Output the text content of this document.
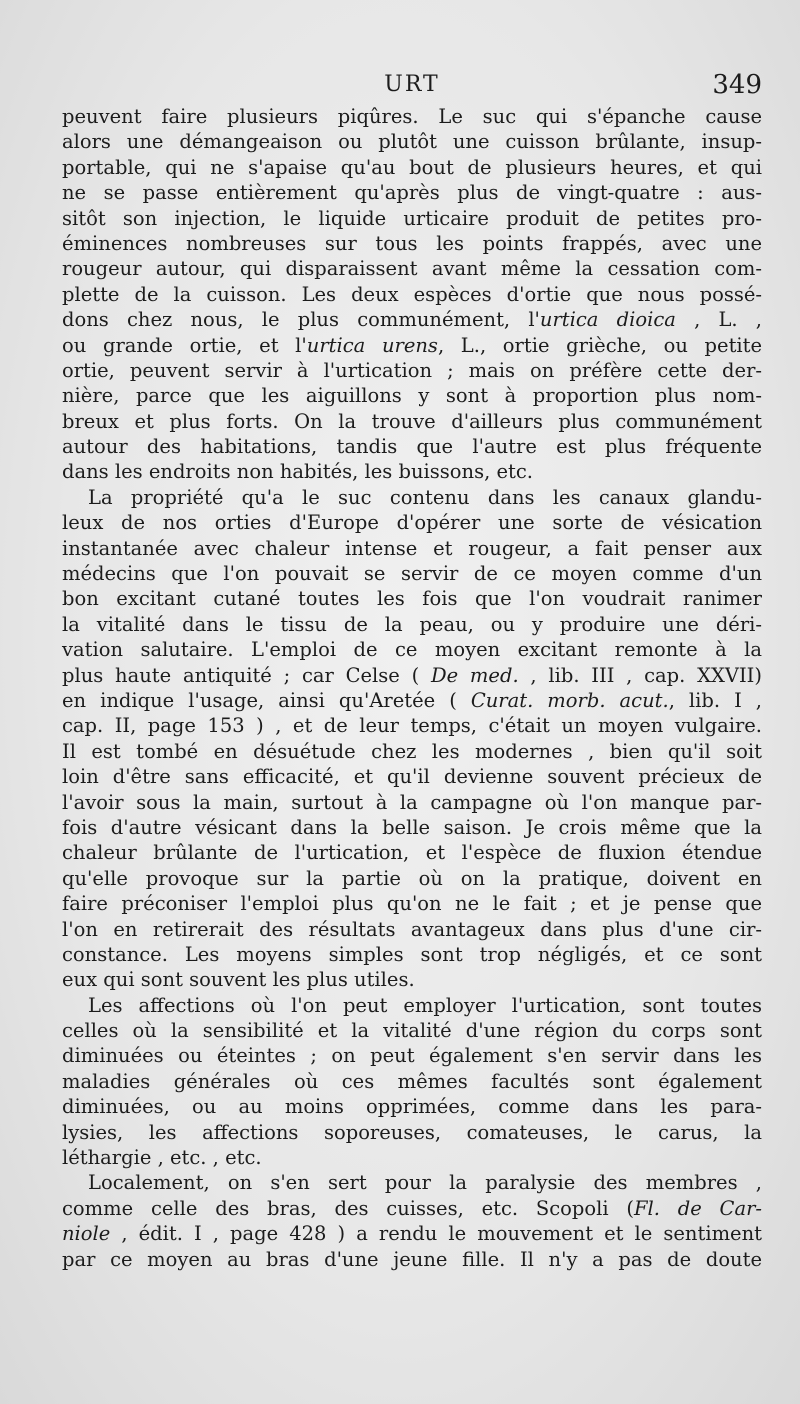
URT	349
peuvent faire plusieurs piqûres. Le suc qui s'épanche cause
alors une démangeaison ou plutôt une cuisson brûlante, insup-
portable, qui ne s'apaise qu'au bout de plusieurs heures, et qui
ne se passe entièrement qu'après plus de vingt-quatre : aus-
sitôt son injection, le liquide urticaire produit de petites pro-
éminences nombreuses sur tous les points frappés, avec une
rougeur autour, qui disparaissent avant même la cessation com-
plette de la cuisson. Les deux espèces d'ortie que nous possé-
dons chez nous, le plus communément, l'urtica dioica , L. ,
ou grande ortie, et l'urtica urens, L., ortie grièche, ou petite
ortie, peuvent servir à l'urtication ; mais on préfère cette der-
nière, parce que les aiguillons y sont à proportion plus nom-
breux et plus forts. On la trouve d'ailleurs plus communément
autour des habitations, tandis que l'autre est plus fréquente
dans les endroits non habités, les buissons, etc.
La propriété qu'a le suc contenu dans les canaux glandu-
leux de nos orties d'Europe d'opérer une sorte de vésication
instantanée avec chaleur intense et rougeur, a fait penser aux
médecins que l'on pouvait se servir de ce moyen comme d'un
bon excitant cutané toutes les fois que l'on voudrait ranimer
la vitalité dans le tissu de la peau, ou y produire une déri-
vation salutaire. L'emploi de ce moyen excitant remonte à la
plus haute antiquité ; car Celse ( De med. , lib. III , cap. XXVII)
en indique l'usage, ainsi qu'Aretée ( Curat. morb. acut., lib. I ,
cap. II, page 153 ) , et de leur temps, c'était un moyen vulgaire.
Il est tombé en désuétude chez les modernes , bien qu'il soit
loin d'être sans efficacité, et qu'il devienne souvent précieux de
l'avoir sous la main, surtout à la campagne où l'on manque par-
fois d'autre vésicant dans la belle saison. Je crois même que la
chaleur brûlante de l'urtication, et l'espèce de fluxion étendue
qu'elle provoque sur la partie où on la pratique, doivent en
faire préconiser l'emploi plus qu'on ne le fait ; et je pense que
l'on en retirerait des résultats avantageux dans plus d'une cir-
constance. Les moyens simples sont trop négligés, et ce sont
eux qui sont souvent les plus utiles.
Les affections où l'on peut employer l'urtication, sont toutes
celles où la sensibilité et la vitalité d'une région du corps sont
diminuées ou éteintes ; on peut également s'en servir dans les
maladies générales où ces mêmes facultés sont également
diminuées, ou au moins opprimées, comme dans les para-
lysies, les affections soporeuses, comateuses, le carus, la
léthargie , etc. , etc.
Localement, on s'en sert pour la paralysie des membres ,
comme celle des bras, des cuisses, etc. Scopoli (Fl. de Car-
niole , édit. I , page 428 ) a rendu le mouvement et le sentiment
par ce moyen au bras d'une jeune fille. Il n'y a pas de doute
